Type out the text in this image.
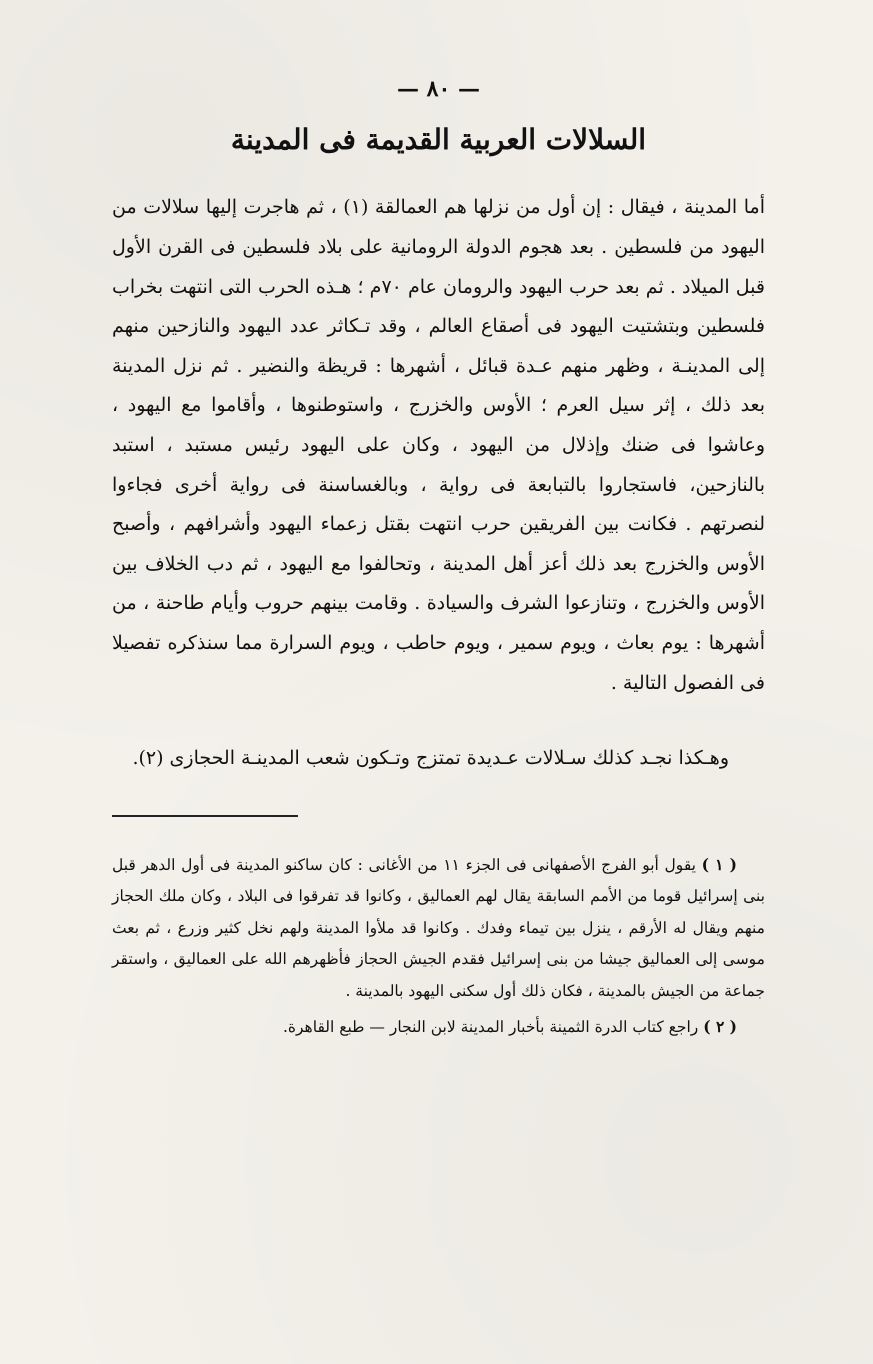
— ٨٠ —
السلالات العربية القديمة فى المدينة

أما المدينة ، فيقال : إن أول من نزلها هم العمالقة (١) ، ثم هاجرت إليها سلالات من اليهود من فلسطين . بعد هجوم الدولة الرومانية على بلاد فلسطين فى القرن الأول قبل الميلاد . ثم بعد حرب اليهود والرومان عام ٧٠م ؛ هـذه الحرب التى انتهت بخراب فلسطين وبتشتيت اليهود فى أصقاع العالم ، وقد تـكاثر عدد اليهود والنازحين منهم إلى المدينـة ، وظهر منهم عـدة قبائل ، أشهرها : قريظة والنضير . ثم نزل المدينة بعد ذلك ، إثر سيل العرم ؛ الأوس والخزرج ، واستوطنوها ، وأقاموا مع اليهود ، وعاشوا فى ضنك وإذلال من اليهود ، وكان على اليهود رئيس مستبد ، استبد بالنازحين، فاستجاروا بالتبابعة فى رواية ، وبالغساسنة فى رواية أخرى فجاءوا لنصرتهم . فكانت بين الفريقين حرب انتهت بقتل زعماء اليهود وأشرافهم ، وأصبح الأوس والخزرج بعد ذلك أعز أهل المدينة ، وتحالفوا مع اليهود ، ثم دب الخلاف بين الأوس والخزرج ، وتنازعوا الشرف والسيادة . وقامت بينهم حروب وأيام طاحنة ، من أشهرها : يوم بعاث ، ويوم سمير ، ويوم حاطب ، ويوم السرارة مما سنذكره تفصيلا فى الفصول التالية .

وهـكذا نجـد كذلك سـلالات عـديدة تمتزج وتـكون شعب المدينـة الحجازى (٢).

( ١ ) يقول أبو الفرج الأصفهانى فى الجزء ١١ من الأغانى : كان ساكنو المدينة فى أول الدهر قبل بنى إسرائيل قوما من الأمم السابقة يقال لهم العماليق ، وكانوا قد تفرقوا فى البلاد ، وكان ملك الحجاز منهم ويقال له الأرقم ، ينزل بين تيماء وفدك . وكانوا قد ملأوا المدينة ولهم نخل كثير وزرع ، ثم بعث موسى إلى العماليق جيشا من بنى إسرائيل فقدم الجيش الحجاز فأظهرهم الله على العماليق ، واستقر جماعة من الجيش بالمدينة ، فكان ذلك أول سكنى اليهود بالمدينة .

( ٢ ) راجع كتاب الدرة الثمينة بأخبار المدينة لابن النجار — طبع القاهرة.
